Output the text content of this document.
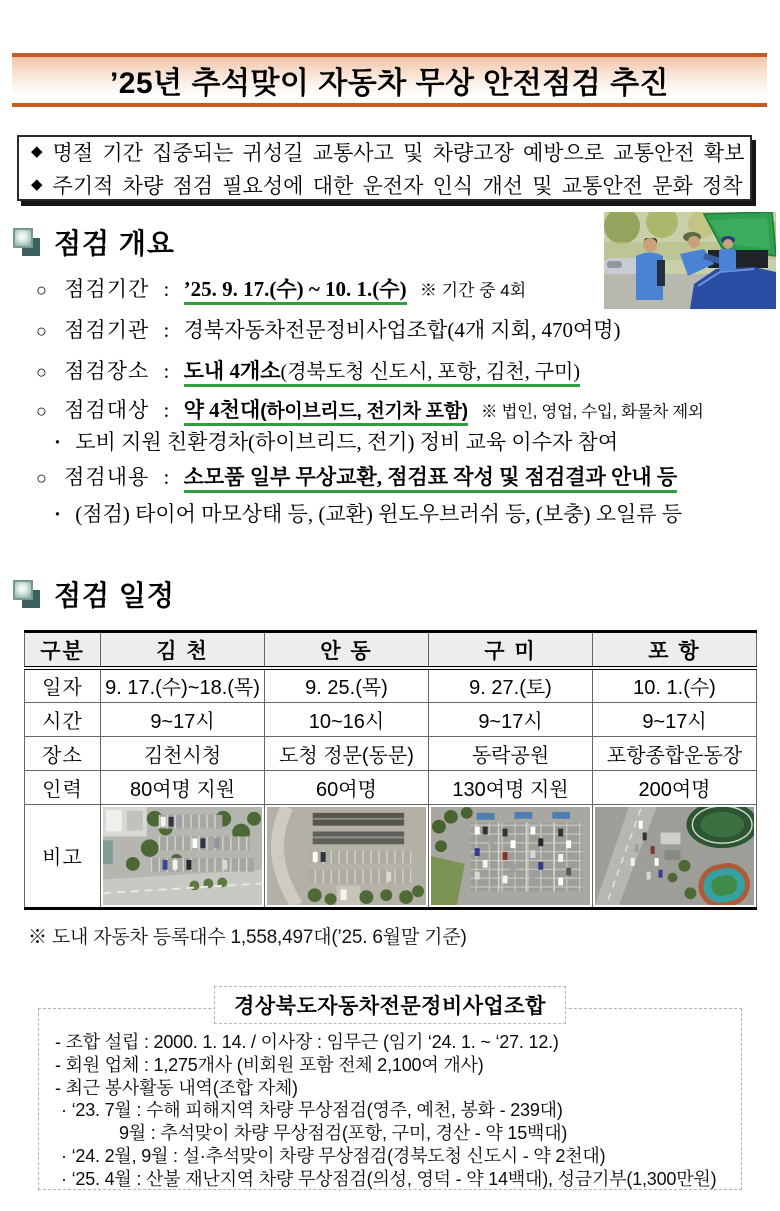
’25년 추석맞이 자동차 무상 안전점검 추진
◆ 명절 기간 집중되는 귀성길 교통사고 및 차량고장 예방으로 교통안전 확보
◆ 주기적 차량 점검 필요성에 대한 운전자 인식 개선 및 교통안전 문화 정착
점검 개요
○ 점검기간 : ’25. 9. 17.(수) ~ 10. 1.(수) ※ 기간 중 4회
○ 점검기관 : 경북자동차전문정비사업조합(4개 지회, 470여명)
○ 점검장소 : 도내 4개소(경북도청 신도시, 포항, 김천, 구미)
○ 점검대상 : 약 4천대(하이브리드, 전기차 포함) ※ 법인, 영업, 수입, 화물차 제외
· 도비 지원 친환경차(하이브리드, 전기) 정비 교육 이수자 참여
○ 점검내용 : 소모품 일부 무상교환, 점검표 작성 및 점검결과 안내 등
· (점검) 타이어 마모상태 등, (교환) 윈도우브러쉬 등, (보충) 오일류 등
점검 일정
구분	김 천	안 동	구 미	포 항
일자	9. 17.(수)~18.(목)	9. 25.(목)	9. 27.(토)	10. 1.(수)
시간	9~17시	10~16시	9~17시	9~17시
장소	김천시청	도청 정문(동문)	동락공원	포항종합운동장
인력	80여명 지원	60여명	130여명 지원	200여명
비고	

※ 도내 자동차 등록대수 1,558,497대(’25. 6월말 기준)
경상북도자동차전문정비사업조합
- 조합 설립 : 2000. 1. 14. / 이사장 : 임무근 (임기 ‘24. 1. ~ ‘27. 12.)
- 회원 업체 : 1,275개사 (비회원 포함 전체 2,100여 개사)
- 최근 봉사활동 내역(조합 자체)
· ‘23. 7월 : 수해 피해지역 차량 무상점검(영주, 예천, 봉화 - 239대)
9월 : 추석맞이 차량 무상점검(포항, 구미, 경산 - 약 15백대)
· ‘24. 2월, 9월 : 설·추석맞이 차량 무상점검(경북도청 신도시 - 약 2천대)
· ‘25. 4월 : 산불 재난지역 차량 무상점검(의성, 영덕 - 약 14백대), 성금기부(1,300만원)
